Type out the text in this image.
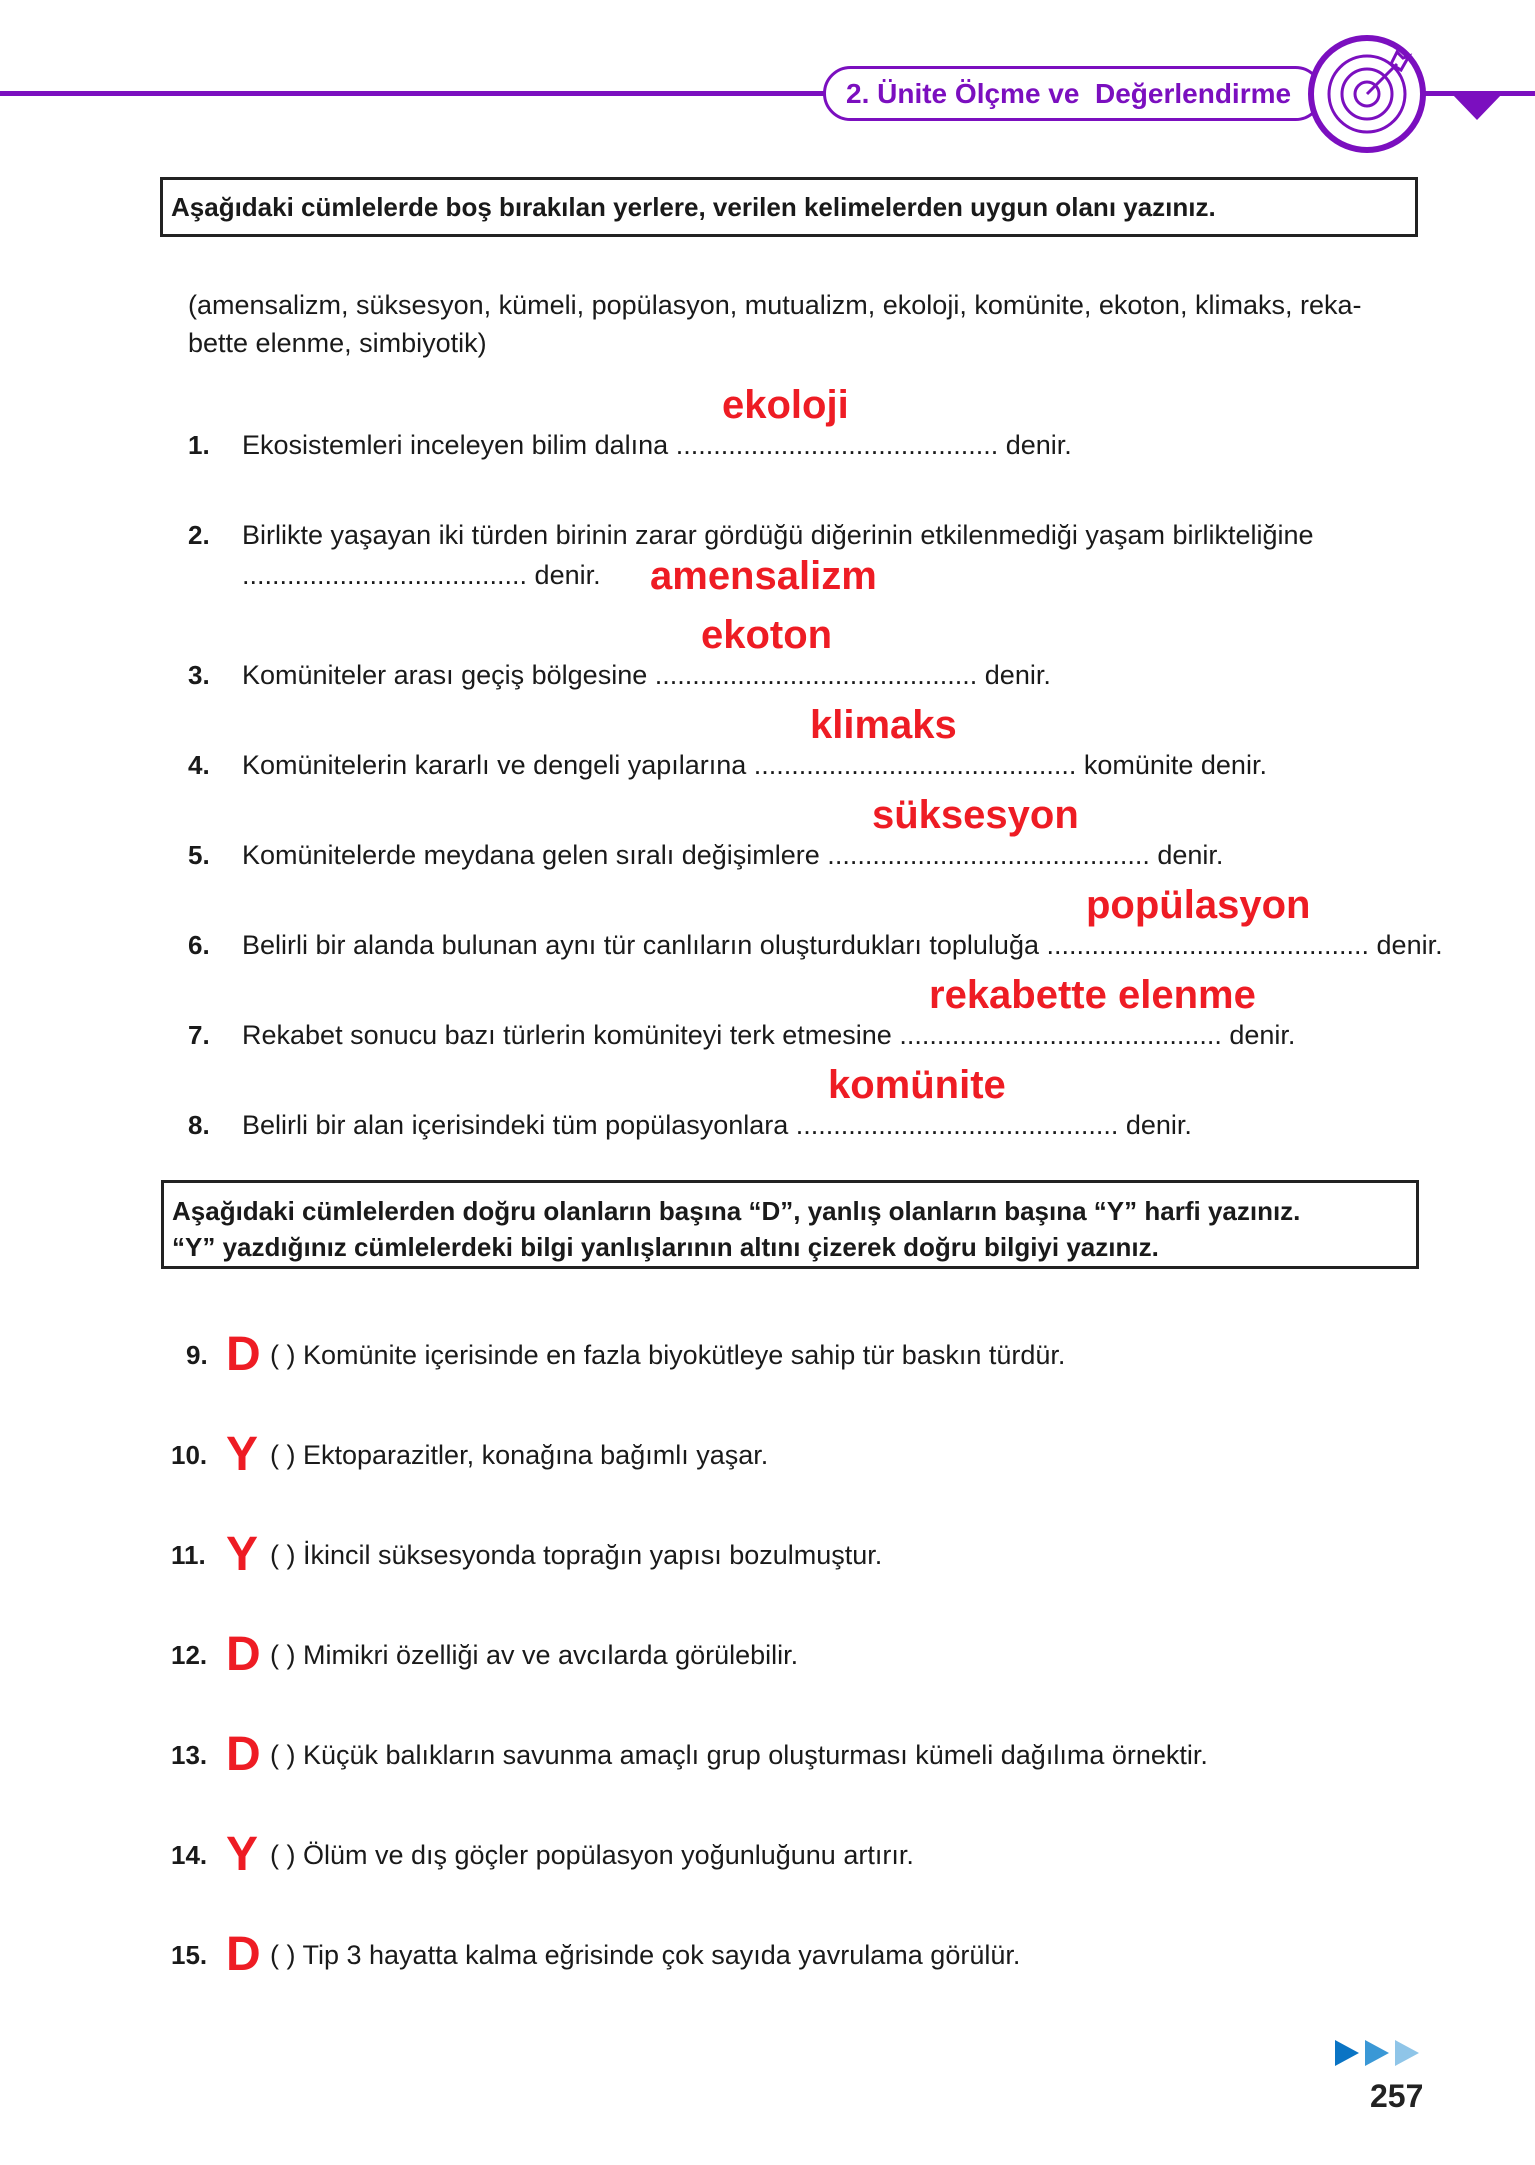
2. Ünite Ölçme ve  Değerlendirme
Aşağıdaki cümlelerde boş bırakılan yerlere, verilen kelimelerden uygun olanı yazınız.
(amensalizm, süksesyon, kümeli, popülasyon, mutualizm, ekoloji, komünite, ekoton, klimaks, reka-
bette elenme, simbiyotik)
1. Ekosistemleri inceleyen bilim dalına ........................................... denir.
ekoloji
2. Birlikte yaşayan iki türden birinin zarar gördüğü diğerinin etkilenmediği yaşam birlikteliğine
...................................... denir. amensalizm
3. Komüniteler arası geçiş bölgesine ........................................... denir.
ekoton
4. Komünitelerin kararlı ve dengeli yapılarına ........................................... komünite denir.
klimaks
5. Komünitelerde meydana gelen sıralı değişimlere ........................................... denir.
süksesyon
6. Belirli bir alanda bulunan aynı tür canlıların oluşturdukları topluluğa ........................................... denir.
popülasyon
7. Rekabet sonucu bazı türlerin komüniteyi terk etmesine ........................................... denir.
rekabette elenme
8. Belirli bir alan içerisindeki tüm popülasyonlara ........................................... denir.
komünite
Aşağıdaki cümlelerden doğru olanların başına “D”, yanlış olanların başına “Y” harfi yazınız.
“Y” yazdığınız cümlelerdeki bilgi yanlışlarının altını çizerek doğru bilgiyi yazınız.
9. D ( ) Komünite içerisinde en fazla biyokütleye sahip tür baskın türdür.
10. Y ( ) Ektoparazitler, konağına bağımlı yaşar.
11. Y ( ) İkincil süksesyonda toprağın yapısı bozulmuştur.
12. D ( ) Mimikri özelliği av ve avcılarda görülebilir.
13. D ( ) Küçük balıkların savunma amaçlı grup oluşturması kümeli dağılıma örnektir.
14. Y ( ) Ölüm ve dış göçler popülasyon yoğunluğunu artırır.
15. D ( ) Tip 3 hayatta kalma eğrisinde çok sayıda yavrulama görülür.
257
